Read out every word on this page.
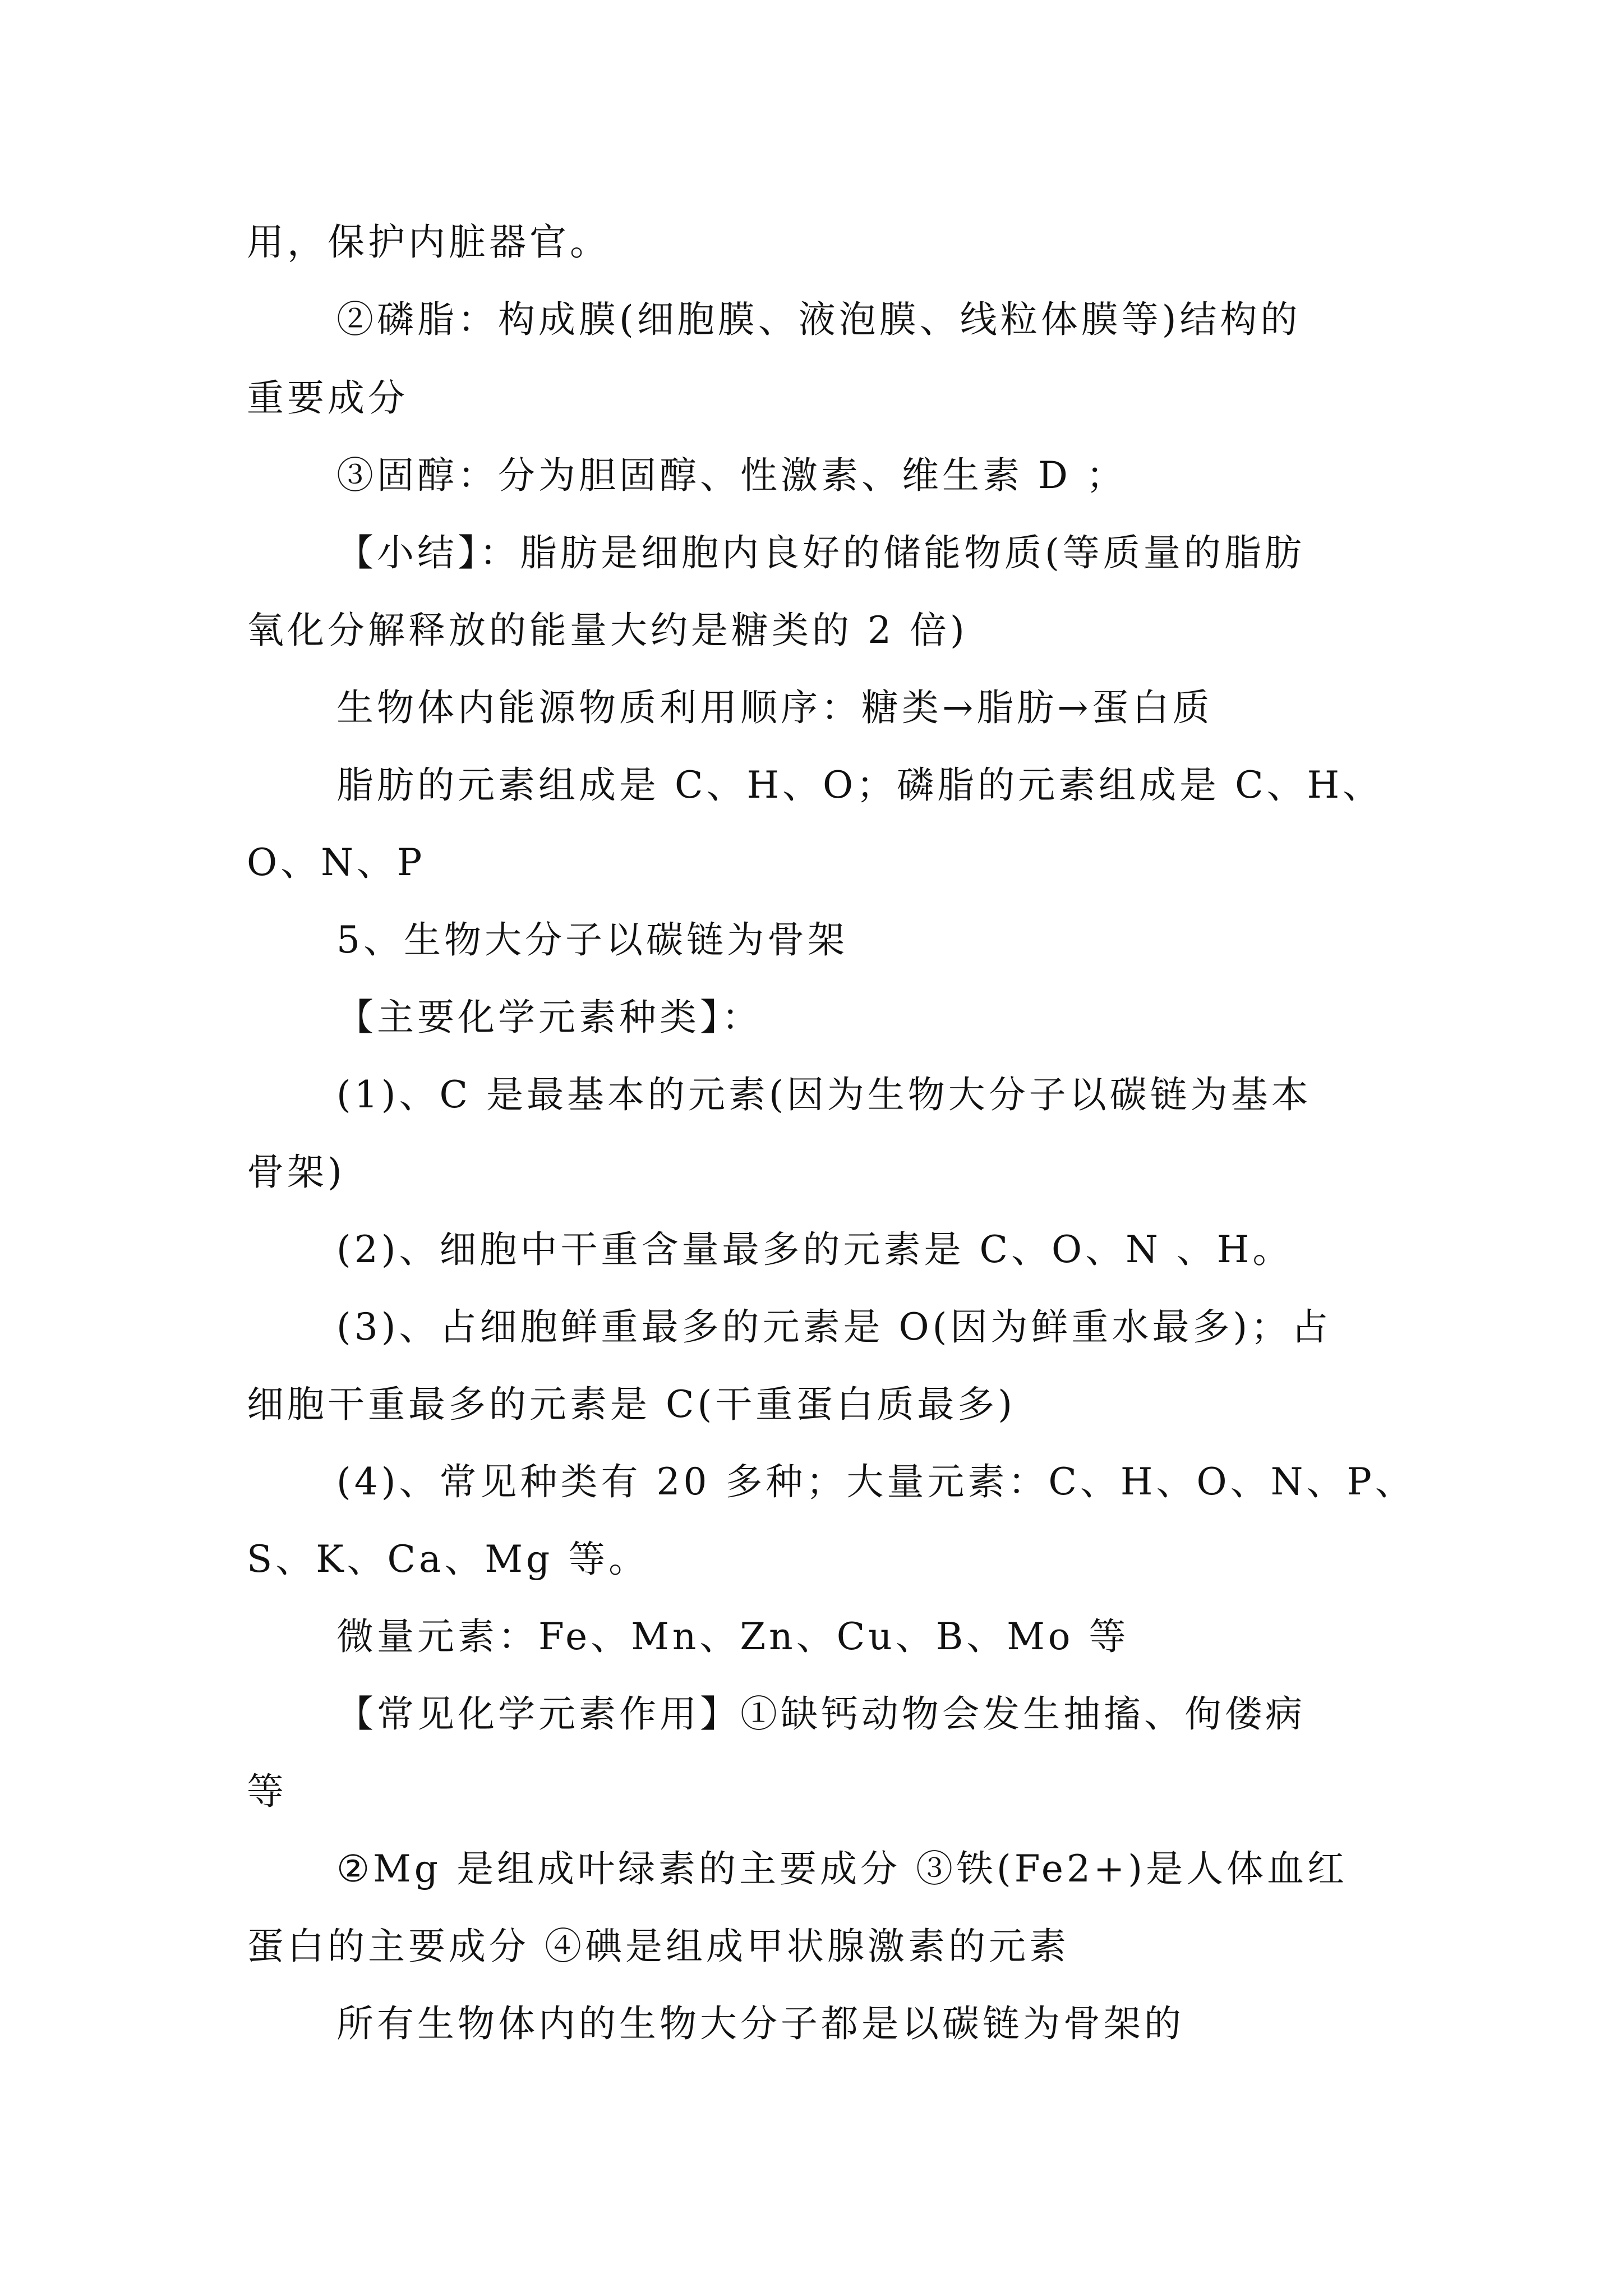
用，保护内脏器官。
②磷脂：构成膜(细胞膜、液泡膜、线粒体膜等)结构的
重要成分
③固醇：分为胆固醇、性激素、维生素 D ；
【小结】：脂肪是细胞内良好的储能物质(等质量的脂肪
氧化分解释放的能量大约是糖类的 2 倍)
生物体内能源物质利用顺序：糖类→脂肪→蛋白质
脂肪的元素组成是 C、H、O；磷脂的元素组成是 C、H、
O、N、P
5、生物大分子以碳链为骨架
【主要化学元素种类】：
(1)、C 是最基本的元素(因为生物大分子以碳链为基本
骨架)
(2)、细胞中干重含量最多的元素是 C、O、N 、H。
(3)、占细胞鲜重最多的元素是 O(因为鲜重水最多)；占
细胞干重最多的元素是 C(干重蛋白质最多)
(4)、常见种类有 20 多种；大量元素：C、H、O、N、P、
S、K、Ca、Mg 等。
微量元素：Fe、Mn、Zn、Cu、B、Mo 等
【常见化学元素作用】①缺钙动物会发生抽搐、佝偻病
等
②Mg 是组成叶绿素的主要成分 ③铁(Fe2+)是人体血红
蛋白的主要成分 ④碘是组成甲状腺激素的元素
所有生物体内的生物大分子都是以碳链为骨架的
